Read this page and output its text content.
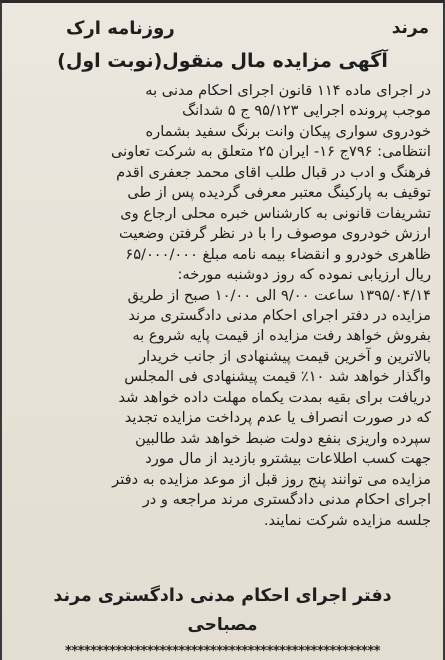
مرند
روزنامه ارک
آگهی مزایده مال منقول(نوبت اول)
در اجرای ماده ۱۱۴ قانون اجرای احکام مدنی به
موجب پرونده اجرایی ۹۵/۱۲۳ ج ۵ شدانگ
خودروی سواری پیکان وانت برنگ سفید بشماره
انتظامی: ۷۹۶ج ۱۶- ایران ۲۵ متعلق به شرکت تعاونی
فرهنگ و ادب در قبال طلب اقای محمد جعفری اقدم
توقیف به پارکینگ معتبر معرفی گردیده پس از طی
تشریفات قانونی به کارشناس خبره محلی ارجاع وی
ارزش خودروی موصوف را با در نظر گرفتن وضعیت
ظاهری خودرو و انقضاء بیمه نامه مبلغ ۶۵/۰۰۰/۰۰۰
ریال ارزیابی نموده که روز دوشنبه مورخه:
۱۳۹۵/۰۴/۱۴ ساعت ۹/۰۰ الی ۱۰/۰۰ صبح از طریق
مزایده در دفتر اجرای احکام مدنی دادگستری مرند
بفروش خواهد رفت مزایده از قیمت پایه شروع به
بالاترین و آخرین قیمت پیشنهادی از جانب خریدار
واگذار خواهد شد ۱۰٪ قیمت پیشنهادی فی المجلس
دریافت برای بقیه بمدت یکماه مهلت داده خواهد شد
که در صورت انصراف یا عدم پرداخت مزایده تجدید
سپرده واریزی بنفع دولت ضبط خواهد شد طالبین
جهت کسب اطلاعات بیشترو بازدید از مال مورد
مزایده می توانند پنج روز قبل از موعد مزایده به دفتر
اجرای احکام مدنی دادگستری مرند مراجعه و در
جلسه مزایده شرکت نمایند.
دفتر اجرای احکام مدنی دادگستری مرند
مصباحی
**************************************************
